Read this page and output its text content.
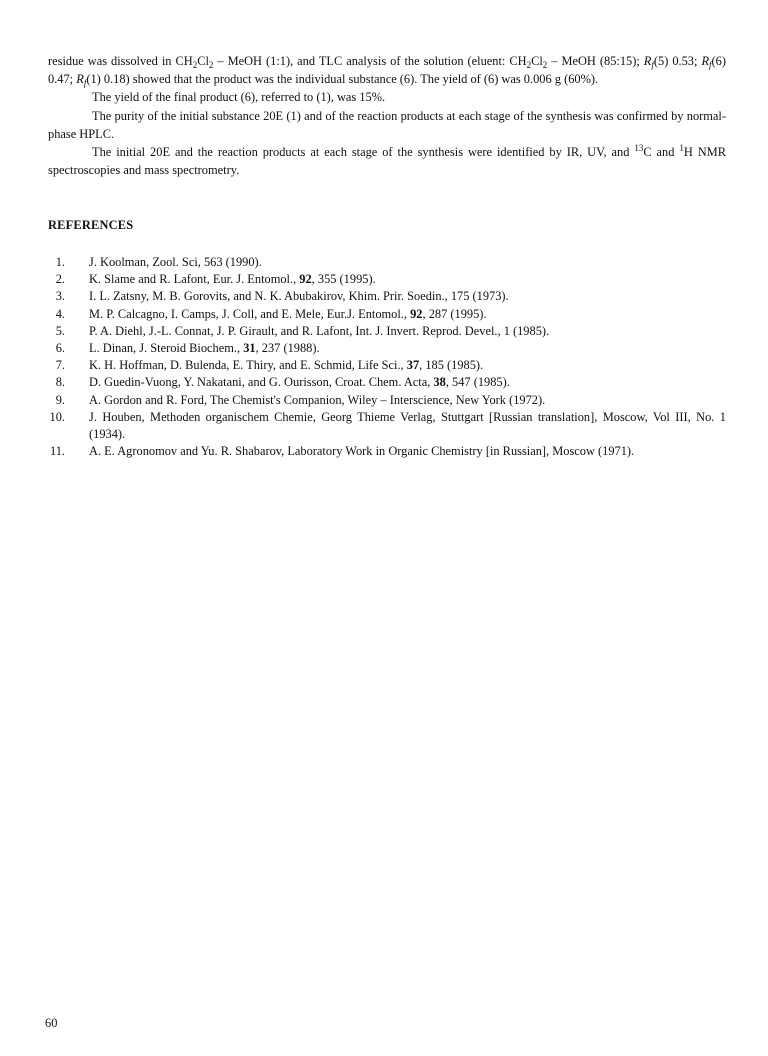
residue was dissolved in $CH_2Cl_2$ – MeOH (1:1), and TLC analysis of the solution (eluent: $CH_2Cl_2$ – MeOH (85:15); $R_f(5)$ 0.53; $R_f(6)$ 0.47; $R_f(1)$ 0.18) showed that the product was the individual substance (6). The yield of (6) was 0.006 g (60%).

The yield of the final product (6), referred to (1), was 15%.

The purity of the initial substance 20E (1) and of the reaction products at each stage of the synthesis was confirmed by normal-phase HPLC.

The initial 20E and the reaction products at each stage of the synthesis were identified by IR, UV, and $^{13}$C and $^1$H NMR spectroscopies and mass spectrometry.

REFERENCES
1. J. Koolman, Zool. Sci, 563 (1990).
2. K. Slame and R. Lafont, Eur. J. Entomol., 92, 355 (1995).
3. I. L. Zatsny, M. B. Gorovits, and N. K. Abubakirov, Khim. Prir. Soedin., 175 (1973).
4. M. P. Calcagno, I. Camps, J. Coll, and E. Mele, Eur.J. Entomol., 92, 287 (1995).
5. P. A. Diehl, J.-L. Connat, J. P. Girault, and R. Lafont, Int. J. Invert. Reprod. Devel., 1 (1985).
6. L. Dinan, J. Steroid Biochem., 31, 237 (1988).
7. K. H. Hoffman, D. Bulenda, E. Thiry, and E. Schmid, Life Sci., 37, 185 (1985).
8. D. Guedin-Vuong, Y. Nakatani, and G. Ourisson, Croat. Chem. Acta, 38, 547 (1985).
9. A. Gordon and R. Ford, The Chemist's Companion, Wiley – Interscience, New York (1972).
10. J. Houben, Methoden organischem Chemie, Georg Thieme Verlag, Stuttgart [Russian translation], Moscow, Vol III, No. 1 (1934).
11. A. E. Agronomov and Yu. R. Shabarov, Laboratory Work in Organic Chemistry [in Russian], Moscow (1971).
60
